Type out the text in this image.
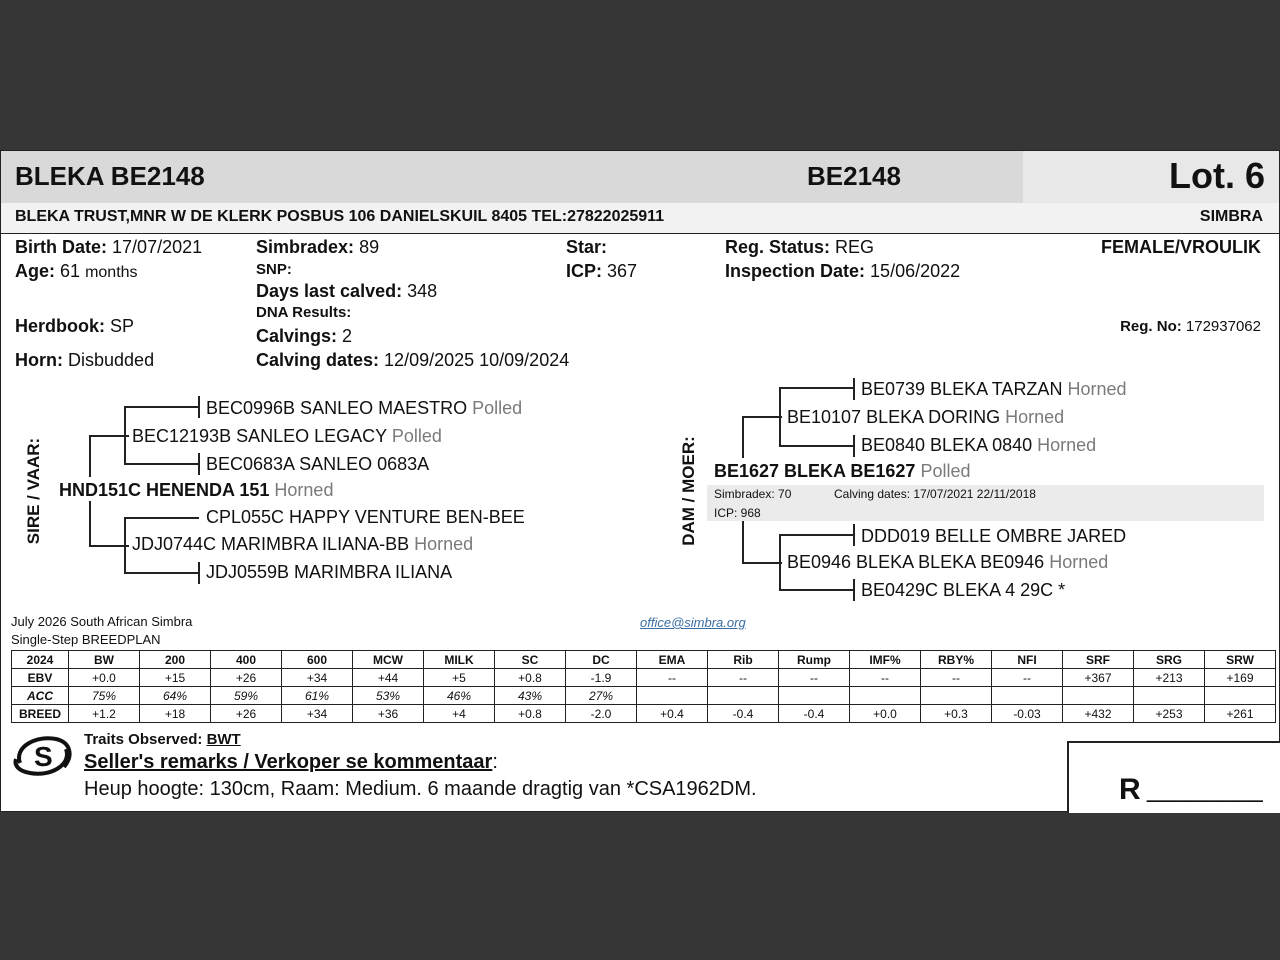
BLEKA BE2148	BE2148	Lot. 6
BLEKA TRUST,MNR W DE KLERK POSBUS 106 DANIELSKUIL 8405 TEL:27822025911	SIMBRA
Birth Date: 17/07/2021
Age: 61 months
Herdbook: SP
Horn: Disbudded
Simbradex: 89
SNP:
Days last calved: 348
DNA Results:
Calvings: 2
Calving dates: 12/09/2025 10/09/2024
Star:
ICP: 367
Reg. Status: REG
Inspection Date: 15/06/2022
FEMALE/VROULIK
Reg. No: 172937062
SIRE / VAAR:
BEC0996B SANLEO MAESTRO Polled
BEC12193B SANLEO LEGACY Polled
BEC0683A SANLEO 0683A
HND151C HENENDA 151 Horned
CPL055C HAPPY VENTURE BEN-BEE
JDJ0744C MARIMBRA ILIANA-BB Horned
JDJ0559B MARIMBRA ILIANA
DAM / MOER:
BE0739 BLEKA TARZAN Horned
BE10107 BLEKA DORING Horned
BE0840 BLEKA 0840 Horned
BE1627 BLEKA BE1627 Polled
Simbradex: 70	Calving dates: 17/07/2021 22/11/2018
ICP: 968
DDD019 BELLE OMBRE JARED
BE0946 BLEKA BLEKA BE0946 Horned
BE0429C BLEKA 4 29C *
July 2026 South African Simbra
Single-Step BREEDPLAN
office@simbra.org
2024	BW	200	400	600	MCW	MILK	SC	DC	EMA	Rib	Rump	IMF%	RBY%	NFI	SRF	SRG	SRW
EBV	+0.0	+15	+26	+34	+44	+5	+0.8	-1.9	--	--	--	--	--	--	+367	+213	+169
ACC	75%	64%	59%	61%	53%	46%	43%	27%									
BREED	+1.2	+18	+26	+34	+36	+4	+0.8	-2.0	+0.4	-0.4	-0.4	+0.0	+0.3	-0.03	+432	+253	+261
S
Traits Observed: BWT
Seller's remarks / Verkoper se kommentaar:
Heup hoogte: 130cm, Raam: Medium. 6 maande dragtig van *CSA1962DM.	R ________
